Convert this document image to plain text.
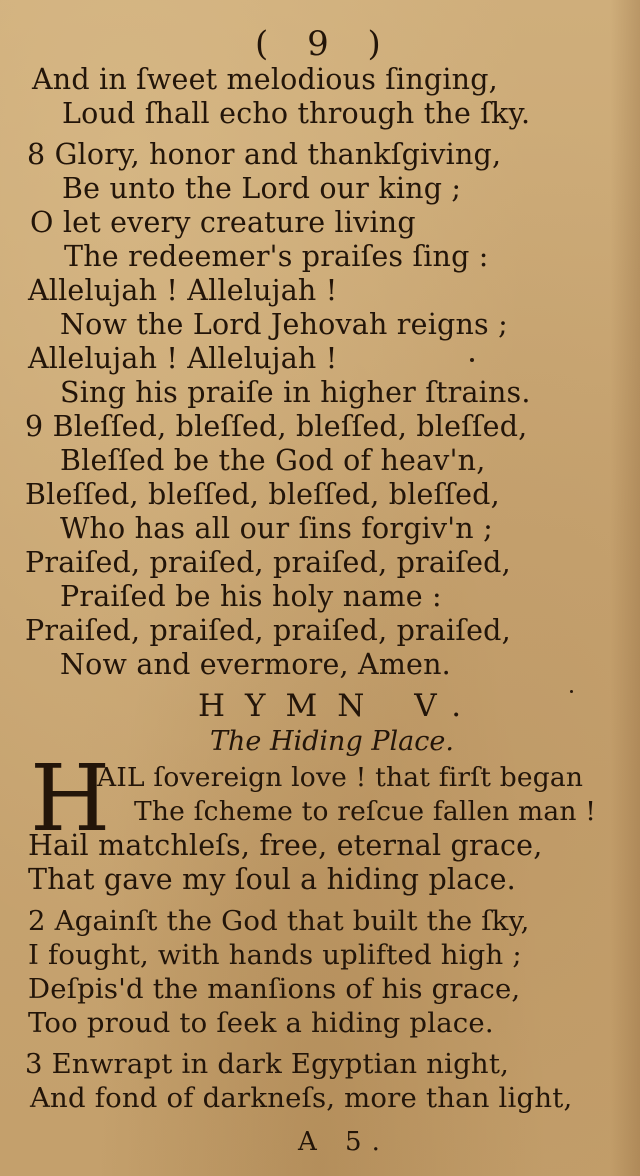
( 9 )
And in ſweet melodious ſinging,
Loud ſhall echo through the ſky.
8 Glory, honor and thankſgiving,
Be unto the Lord our king ;
O let every creature living
The redeemer's praiſes ſing :
Allelujah ! Allelujah !
Now the Lord Jehovah reigns ;
Allelujah ! Allelujah !
Sing his praiſe in higher ſtrains.
9 Bleſſed, bleſſed, bleſſed, bleſſed,
Bleſſed be the God of heav'n,
Bleſſed, bleſſed, bleſſed, bleſſed,
Who has all our ſins forgiv'n ;
Praiſed, praiſed, praiſed, praiſed,
Praiſed be his holy name :
Praiſed, praiſed, praiſed, praiſed,
Now and evermore, Amen.
HYMN V.
The Hiding Place.
H
AIL ſovereign love ! that firſt began
The ſcheme to reſcue fallen man !
Hail matchleſs, free, eternal grace,
That gave my ſoul a hiding place.
2 Againſt the God that built the ſky,
I fought, with hands uplifted high ;
Deſpis'd the manſions of his grace,
Too proud to ſeek a hiding place.
3 Enwrapt in dark Egyptian night,
And fond of darkneſs, more than light,
A 5.
